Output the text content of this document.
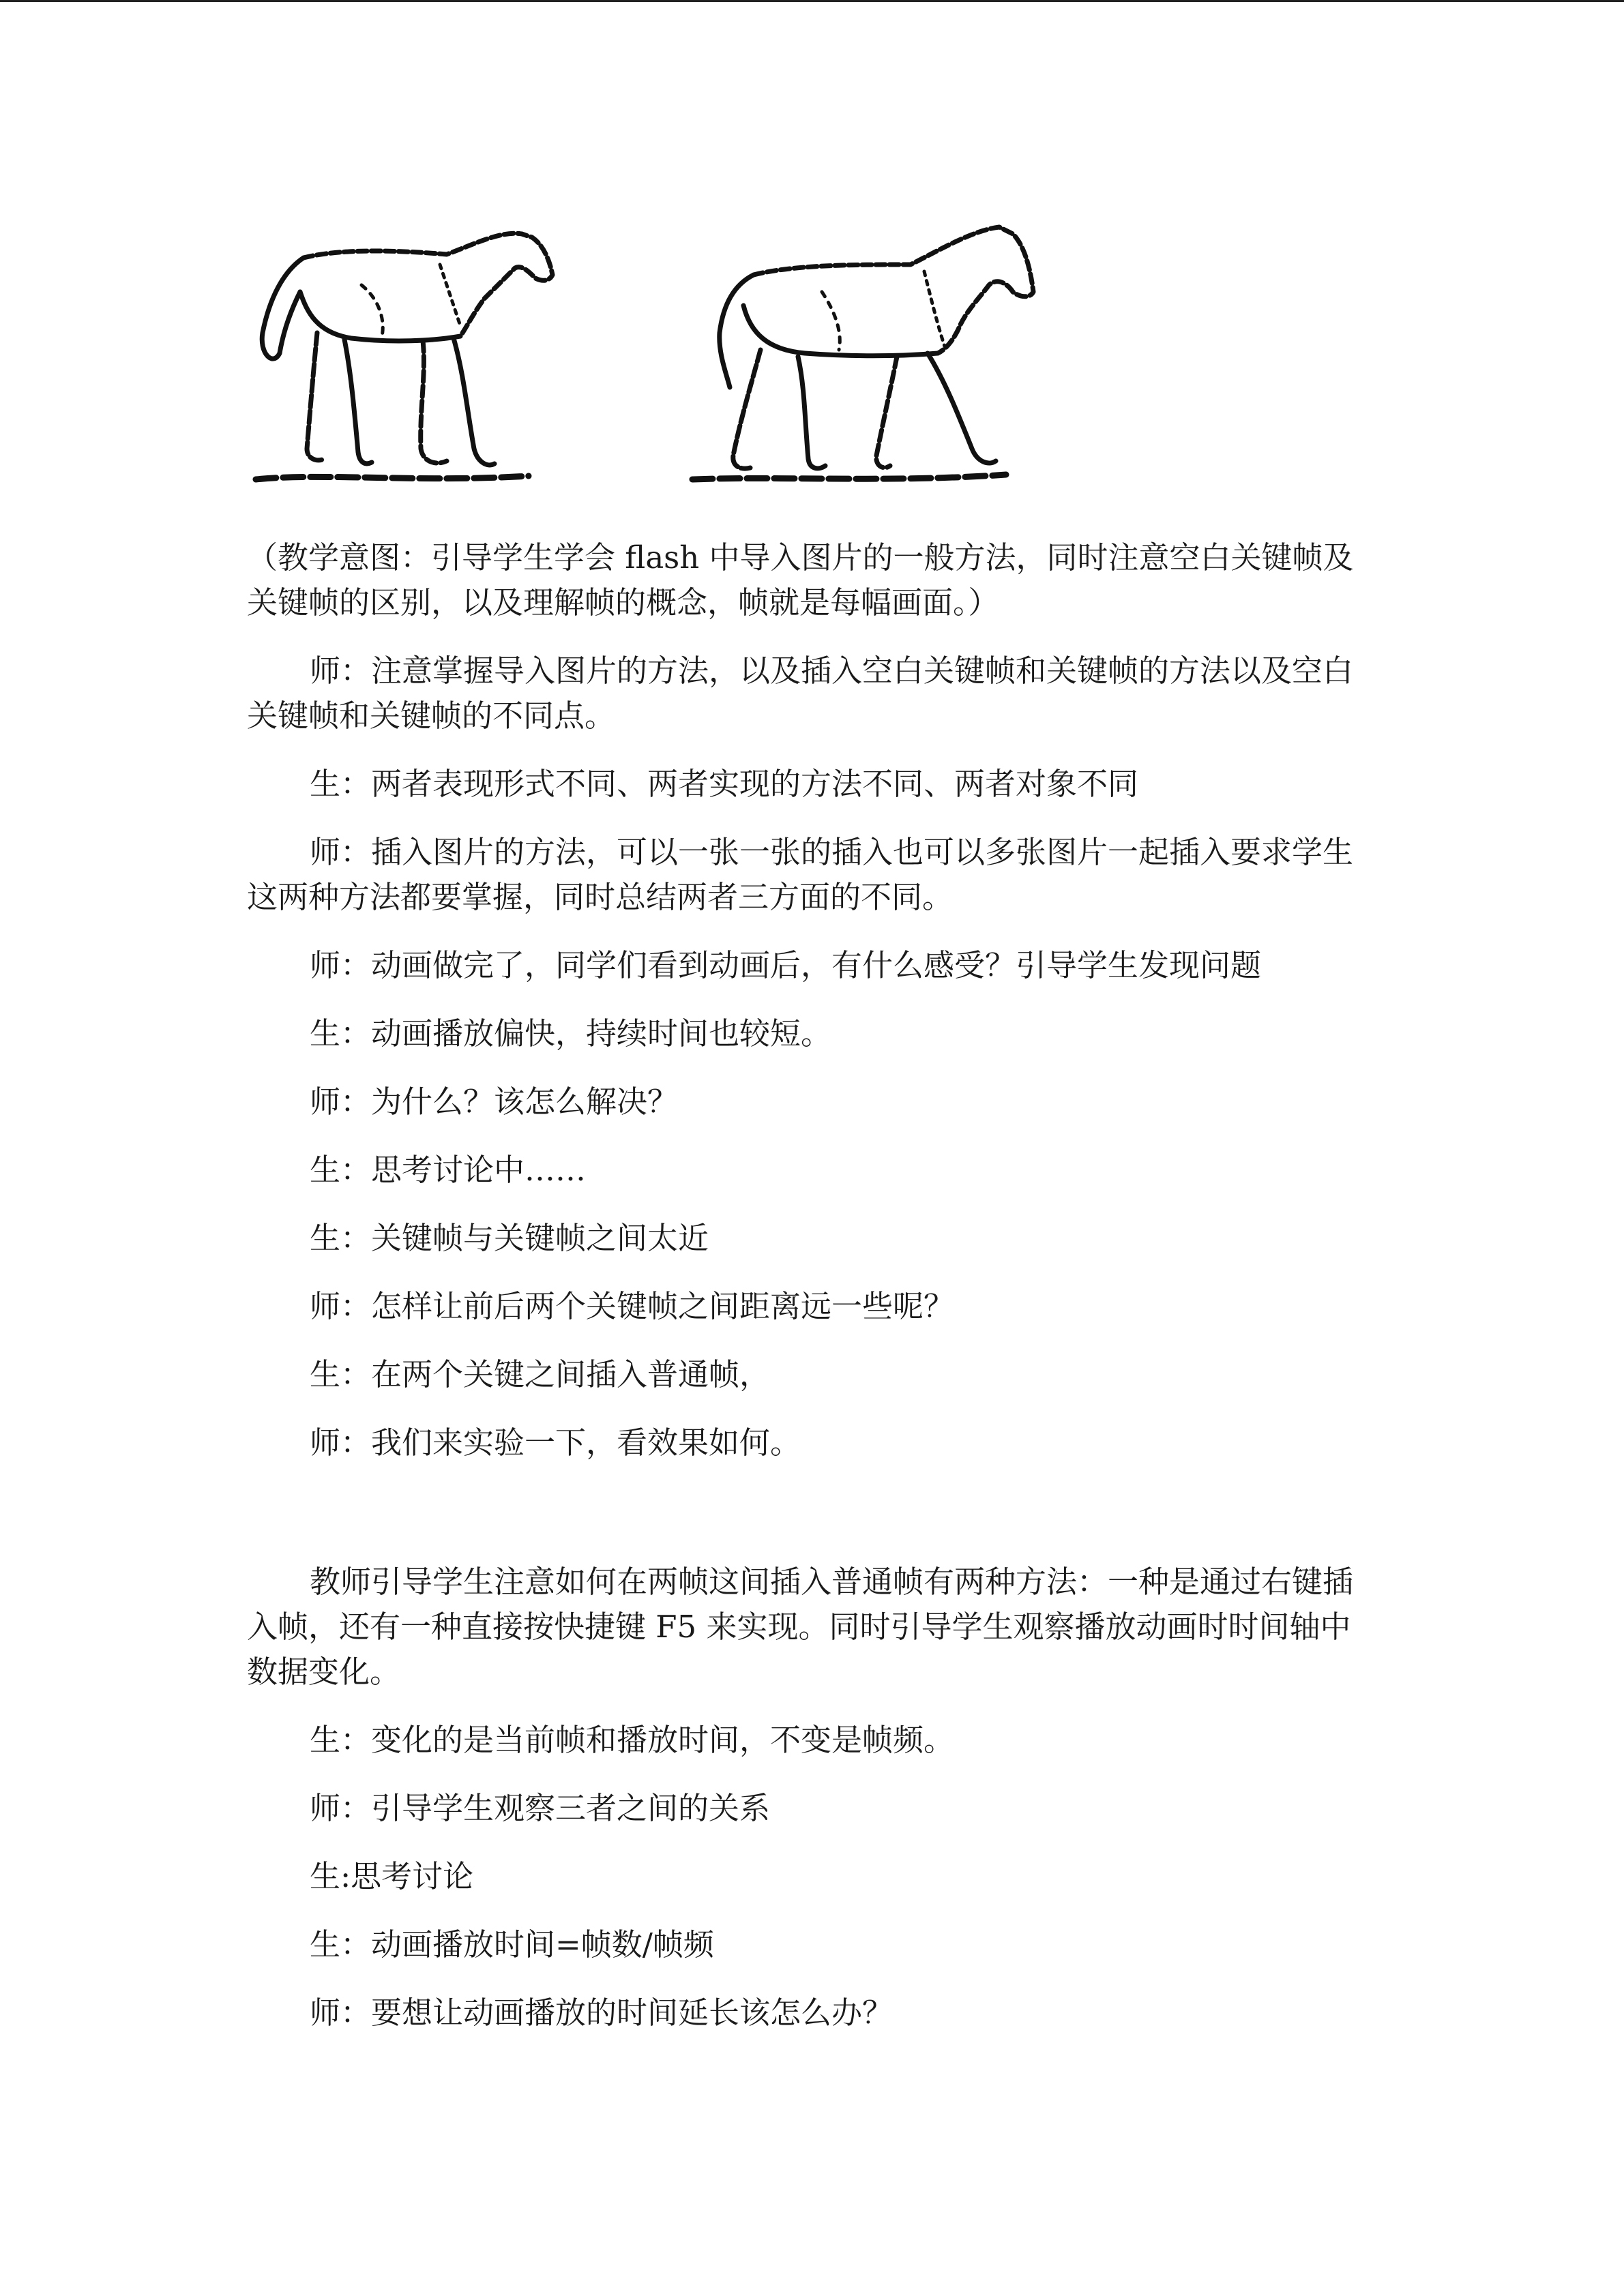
（教学意图：引导学生学会 flash 中导入图片的一般方法，同时注意空白关键帧及关键帧的区别，以及理解帧的概念，帧就是每幅画面。）

师：注意掌握导入图片的方法，以及插入空白关键帧和关键帧的方法以及空白关键帧和关键帧的不同点。

生：两者表现形式不同、两者实现的方法不同、两者对象不同

师：插入图片的方法，可以一张一张的插入也可以多张图片一起插入要求学生这两种方法都要掌握，同时总结两者三方面的不同。

师：动画做完了，同学们看到动画后，有什么感受？引导学生发现问题

生：动画播放偏快，持续时间也较短。

师：为什么？该怎么解决？

生：思考讨论中……

生：关键帧与关键帧之间太近

师：怎样让前后两个关键帧之间距离远一些呢？

生：在两个关键之间插入普通帧，

师：我们来实验一下，看效果如何。

教师引导学生注意如何在两帧这间插入普通帧有两种方法：一种是通过右键插入帧，还有一种直接按快捷键 F5 来实现。同时引导学生观察播放动画时时间轴中数据变化。

生：变化的是当前帧和播放时间，不变是帧频。

师：引导学生观察三者之间的关系

生:思考讨论

生：动画播放时间=帧数/帧频

师：要想让动画播放的时间延长该怎么办？
